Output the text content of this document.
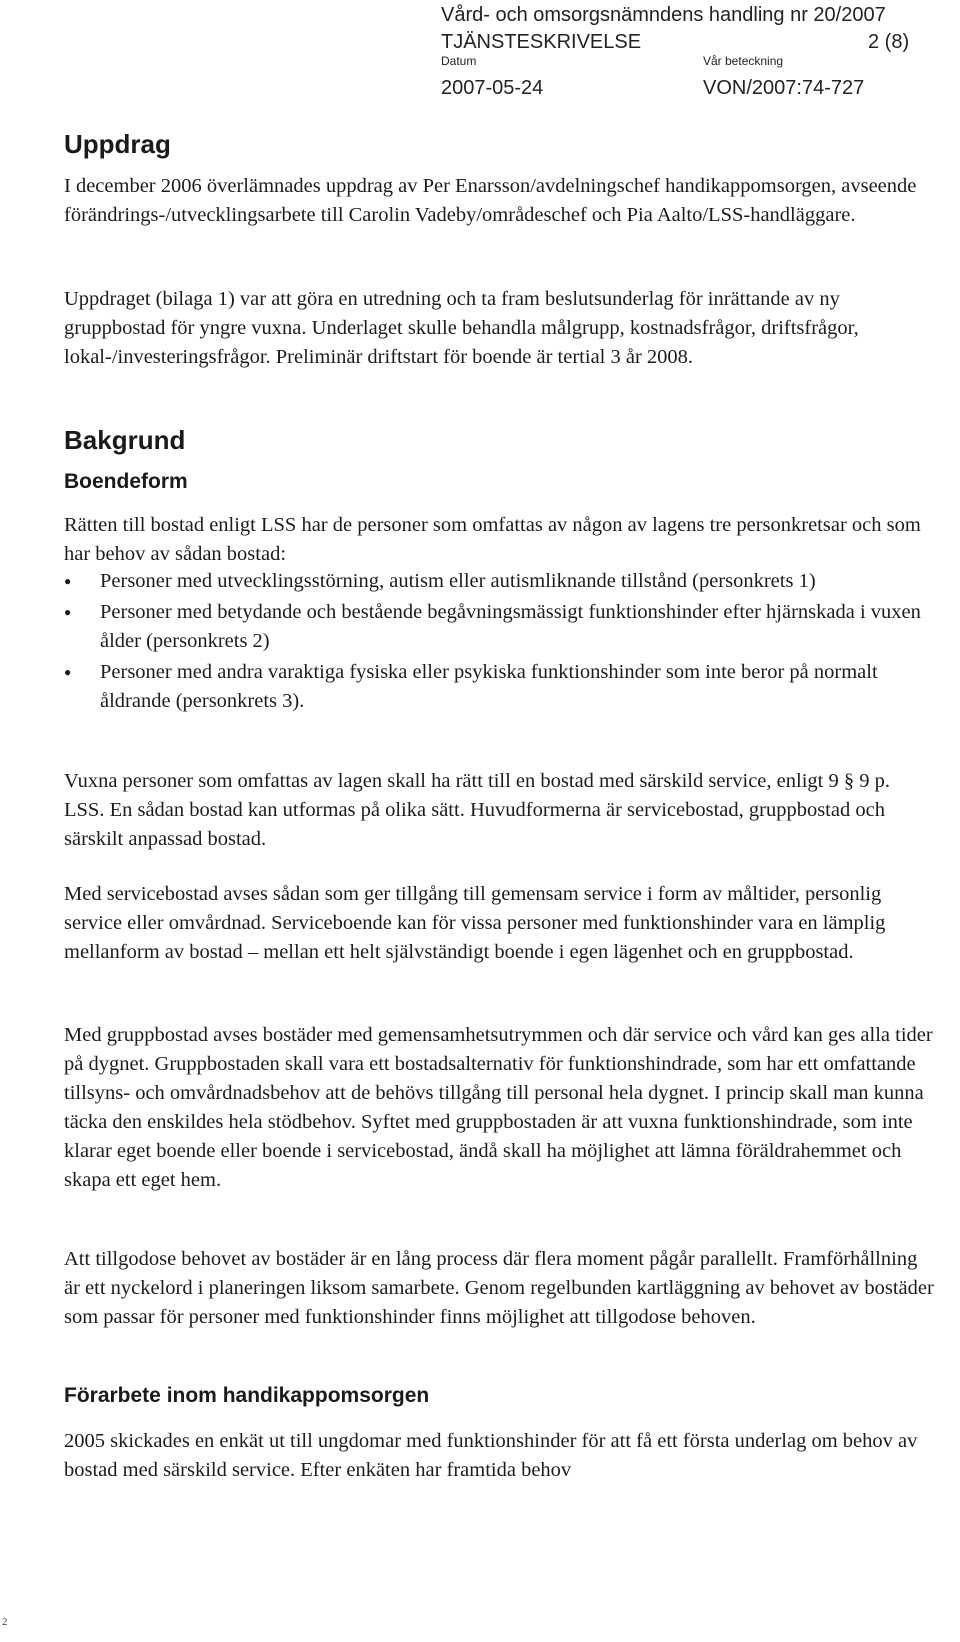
Vård- och omsorgsnämndens handling nr 20/2007
TJÄNSTESKRIVELSE	2 (8)
Datum	Vår beteckning
2007-05-24	VON/2007:74-727
Uppdrag

I december 2006 överlämnades uppdrag av Per Enarsson/avdelningschef handikappomsorgen, avseende förändrings-/utvecklingsarbete till Carolin Vadeby/områdeschef och Pia Aalto/LSS-handläggare.

Uppdraget (bilaga 1) var att göra en utredning och ta fram beslutsunderlag för inrättande av ny gruppbostad för yngre vuxna. Underlaget skulle behandla målgrupp, kostnadsfrågor, driftsfrågor, lokal-/investeringsfrågor. Preliminär driftstart för boende är tertial 3 år 2008.

Bakgrund
Boendeform

Rätten till bostad enligt LSS har de personer som omfattas av någon av lagens tre personkretsar och som har behov av sådan bostad:

●
Personer med utvecklingsstörning, autism eller autismliknande tillstånd (personkrets 1)
●
Personer med betydande och bestående begåvningsmässigt funktionshinder efter hjärnskada i vuxen ålder (personkrets 2)
●
Personer med andra varaktiga fysiska eller psykiska funktionshinder som inte beror på normalt åldrande (personkrets 3).

Vuxna personer som omfattas av lagen skall ha rätt till en bostad med särskild service, enligt 9 § 9 p. LSS. En sådan bostad kan utformas på olika sätt. Huvudformerna är servicebostad, gruppbostad och särskilt anpassad bostad.

Med servicebostad avses sådan som ger tillgång till gemensam service i form av måltider, personlig service eller omvårdnad. Serviceboende kan för vissa personer med funktionshinder vara en lämplig mellanform av bostad – mellan ett helt självständigt boende i egen lägenhet och en gruppbostad.

Med gruppbostad avses bostäder med gemensamhetsutrymmen och där service och vård kan ges alla tider på dygnet. Gruppbostaden skall vara ett bostadsalternativ för funktionshindrade, som har ett omfattande tillsyns- och omvårdnadsbehov att de behövs tillgång till personal hela dygnet. I princip skall man kunna täcka den enskildes hela stödbehov. Syftet med gruppbostaden är att vuxna funktionshindrade, som inte klarar eget boende eller boende i servicebostad, ändå skall ha möjlighet att lämna föräldrahemmet och skapa ett eget hem.

Att tillgodose behovet av bostäder är en lång process där flera moment pågår parallellt. Framförhållning är ett nyckelord i planeringen liksom samarbete. Genom regelbunden kartläggning av behovet av bostäder som passar för personer med funktionshinder finns möjlighet att tillgodose behoven.

Förarbete inom handikappomsorgen

2005 skickades en enkät ut till ungdomar med funktionshinder för att få ett första underlag om behov av bostad med särskild service. Efter enkäten har framtida behov

2
